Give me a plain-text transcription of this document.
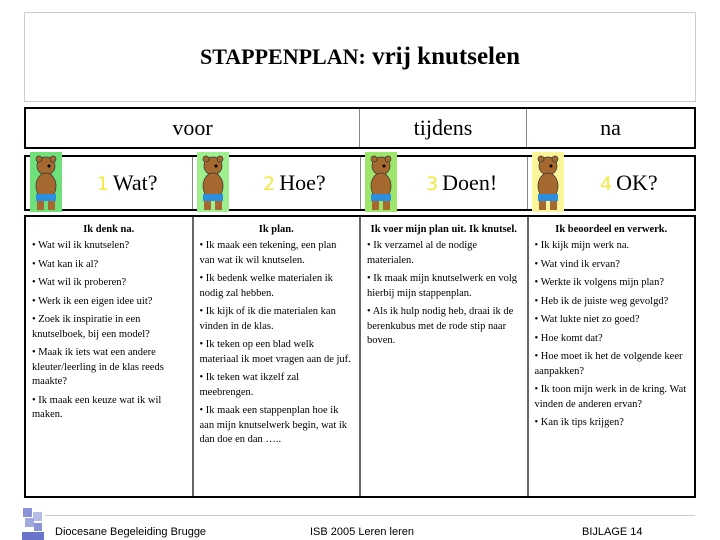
STAPPENPLAN: vrij knutselen
voor	tijdens	na
1 Wat?	2 Hoe?	3 Doen!	4 OK?
Ik denk na.

• Wat wil ik knutselen?

• Wat kan ik al?

• Wat wil ik proberen?

• Werk ik een eigen idee uit?

• Zoek ik inspiratie in een knutselboek, bij een model?

• Maak ik iets wat een andere kleuter/leerling in de klas reeds maakte?

• Ik maak een keuze wat ik wil maken.

Ik plan.

• Ik maak een tekening, een plan van wat ik wil knutselen.

• Ik bedenk welke materialen ik nodig zal hebben.

• Ik kijk of ik die materialen kan vinden in de klas.

• Ik teken op een blad welk materiaal ik moet vragen aan de juf.

• Ik teken wat ikzelf zal meebrengen.

• Ik maak een stappenplan hoe ik aan mijn knutselwerk begin, wat ik dan doe en dan …..

Ik voer mijn plan uit. Ik knutsel.

• Ik verzamel al de nodige materialen.

• Ik maak mijn knutselwerk en volg hierbij mijn stappenplan.

• Als ik hulp nodig heb, draai ik de berenkubus met de rode stip naar boven.

Ik beoordeel en verwerk.

• Ik kijk mijn werk na.

• Wat vind ik ervan?

• Werkte ik volgens mijn plan?

• Heb ik de juiste weg gevolgd?

• Wat lukte niet zo goed?

• Hoe komt dat?

• Hoe moet ik het de volgende keer aanpakken?

• Ik toon mijn werk in de kring. Wat vinden de anderen ervan?

• Kan ik tips krijgen?

Diocesane Begeleiding Brugge	ISB 2005 Leren leren	BIJLAGE 14
